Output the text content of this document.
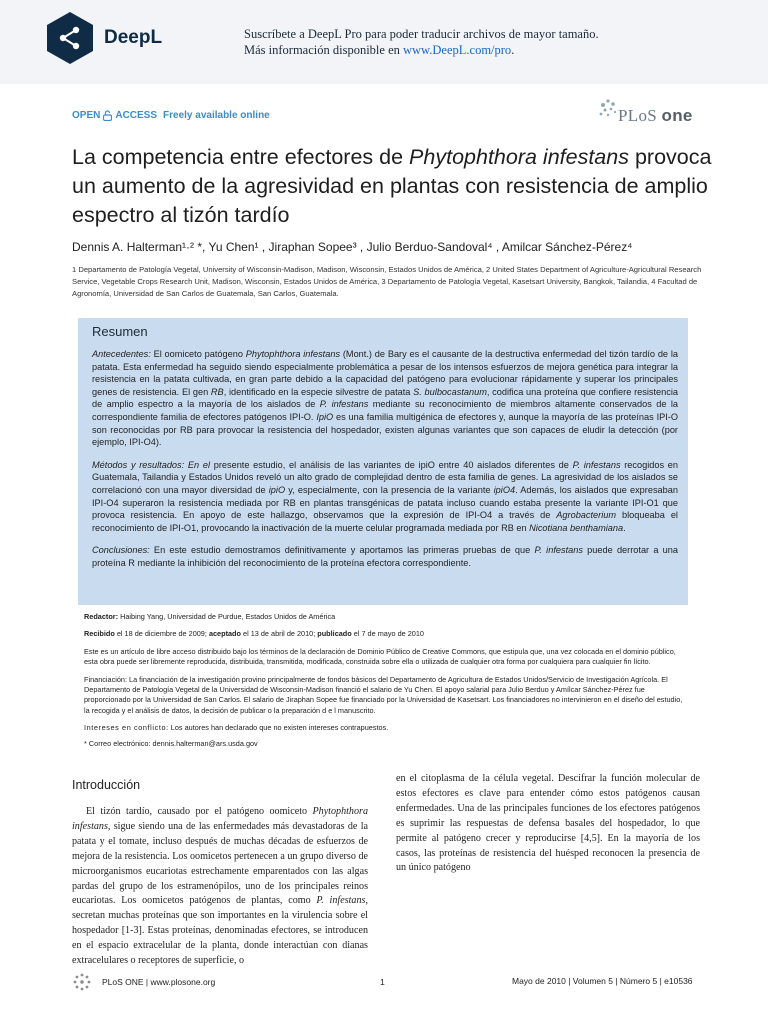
DeepL	Suscríbete a DeepL Pro para poder traducir archivos de mayor tamaño.
Más información disponible en www.DeepL.com/pro.
OPEN ACCESS Freely available online	PLoS one
La competencia entre efectores de Phytophthora infestans provoca un aumento de la agresividad en plantas con resistencia de amplio espectro al tizón tardío
Dennis A. Halterman¹·² *, Yu Chen¹ , Jiraphan Sopee³ , Julio Berduo-Sandoval⁴ , Amilcar Sánchez-Pérez⁴
1 Departamento de Patología Vegetal, University of Wisconsin-Madison, Madison, Wisconsin, Estados Unidos de América, 2 United States Department of Agriculture-Agricultural Research Service, Vegetable Crops Research Unit, Madison, Wisconsin, Estados Unidos de América, 3 Departamento de Patología Vegetal, Kasetsart University, Bangkok, Tailandia, 4 Facultad de Agronomía, Universidad de San Carlos de Guatemala, San Carlos, Guatemala.
Resumen

Antecedentes: El oomiceto patógeno Phytophthora infestans (Mont.) de Bary es el causante de la destructiva enfermedad del tizón tardío de la patata. Esta enfermedad ha seguido siendo especialmente problemática a pesar de los intensos esfuerzos de mejora genética para integrar la resistencia en la patata cultivada, en gran parte debido a la capacidad del patógeno para evolucionar rápidamente y superar los principales genes de resistencia. El gen RB, identificado en la especie silvestre de patata S. bulbocastanum, codifica una proteína que confiere resistencia de amplio espectro a la mayoría de los aislados de P. infestans mediante su reconocimiento de miembros altamente conservados de la correspondiente familia de efectores patógenos IPI-O. IpiO es una familia multigénica de efectores y, aunque la mayoría de las proteínas IPI-O son reconocidas por RB para provocar la resistencia del hospedador, existen algunas variantes que son capaces de eludir la detección (por ejemplo, IPI-O4).

Métodos y resultados: En el presente estudio, el análisis de las variantes de ipiO entre 40 aislados diferentes de P. infestans recogidos en Guatemala, Tailandia y Estados Unidos reveló un alto grado de complejidad dentro de esta familia de genes. La agresividad de los aislados se correlacionó con una mayor diversidad de ipiO y, especialmente, con la presencia de la variante ipiO4. Además, los aislados que expresaban IPI-O4 superaron la resistencia mediada por RB en plantas transgénicas de patata incluso cuando estaba presente la variante IPI-O1 que provoca resistencia. En apoyo de este hallazgo, observamos que la expresión de IPI-O4 a través de Agrobacterium bloqueaba el reconocimiento de IPI-O1, provocando la inactivación de la muerte celular programada mediada por RB en Nicotiana benthamiana.

Conclusiones: En este estudio demostramos definitivamente y aportamos las primeras pruebas de que P. infestans puede derrotar a una proteína R mediante la inhibición del reconocimiento de la proteína efectora correspondiente.

Redactor: Haibing Yang, Universidad de Purdue, Estados Unidos de América

Recibido el 18 de diciembre de 2009; aceptado el 13 de abril de 2010; publicado el 7 de mayo de 2010

Este es un artículo de libre acceso distribuido bajo los términos de la declaración de Dominio Público de Creative Commons, que estipula que, una vez colocada en el dominio público, esta obra puede ser libremente reproducida, distribuida, transmitida, modificada, construida sobre ella o utilizada de cualquier otra forma por cualquiera para cualquier fin lícito.

Financiación: La financiación de la investigación provino principalmente de fondos básicos del Departamento de Agricultura de Estados Unidos/Servicio de Investigación Agrícola. El Departamento de Patología Vegetal de la Universidad de Wisconsin-Madison financió el salario de Yu Chen. El apoyo salarial para Julio Berduo y Amílcar Sánchez-Pérez fue proporcionado por la Universidad de San Carlos. El salario de Jiraphan Sopee fue financiado por la Universidad de Kasetsart. Los financiadores no intervinieron en el diseño del estudio, la recogida y el análisis de datos, la decisión de publicar o la preparación d e l manuscrito.

Intereses en conflicto: Los autores han declarado que no existen intereses contrapuestos.

* Correo electrónico: dennis.halterman@ars.usda.gov

Introducción

El tizón tardío, causado por el patógeno oomiceto Phytophthora infestans, sigue siendo una de las enfermedades más devastadoras de la patata y el tomate, incluso después de muchas décadas de esfuerzos de mejora de la resistencia. Los oomicetos pertenecen a un grupo diverso de microorganismos eucariotas estrechamente emparentados con las algas pardas del grupo de los estramenópilos, uno de los principales reinos eucariotas. Los oomicetos patógenos de plantas, como P. infestans, secretan muchas proteínas que son importantes en la virulencia sobre el hospedador [1-3]. Estas proteínas, denominadas efectores, se introducen en el espacio extracelular de la planta, donde interactúan con dianas extracelulares o receptores de superficie, o

en el citoplasma de la célula vegetal. Descifrar la función molecular de estos efectores es clave para entender cómo estos patógenos causan enfermedades. Una de las principales funciones de los efectores patógenos es suprimir las respuestas de defensa basales del hospedador, lo que permite al patógeno crecer y reproducirse [4,5]. En la mayoría de los casos, las proteínas de resistencia del huésped reconocen la presencia de un único patógeno

PLoS ONE | www.plosone.org	1	Mayo de 2010 | Volumen 5 | Número 5 | e10536
